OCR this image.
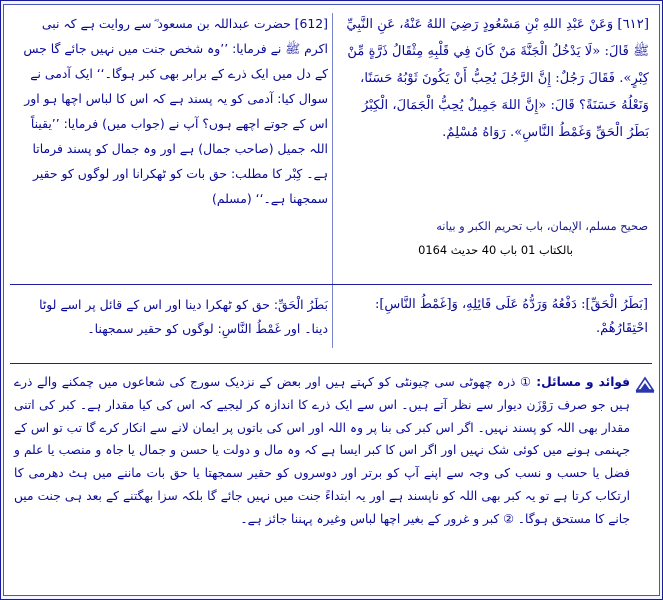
[٦١٢] وَعَنْ عَبْدِ اللهِ بْنِ مَسْعُودٍ رَضِيَ اللهُ عَنْهُ، عَنِ النَّبِيِّ ﷺ قَالَ: «لَا يَدْخُلُ الْجَنَّةَ مَنْ كَانَ فِي قَلْبِهِ مِثْقَالُ ذَرَّةٍ مِّنْ كِبْرٍ». فَقَالَ رَجُلٌ: إِنَّ الرَّجُلَ يُحِبُّ أَنْ يَكُونَ ثَوْبُهُ حَسَنًا، وَنَعْلُهُ حَسَنَةً؟ قَالَ: «إِنَّ اللهَ جَمِيلٌ يُحِبُّ الْجَمَالَ، الْكِبْرُ بَطَرُ الْحَقِّ وَغَمْطُ النَّاسِ». رَوَاهُ مُسْلِمٌ.
[612] حضرت عبداللہ بن مسعود ؓ سے روایت ہے کہ نبی اکرم ﷺ نے فرمایا: ’’وہ شخص جنت میں نہیں جائے گا جس کے دل میں ایک ذرے کے برابر بھی کبر ہوگا۔‘‘ ایک آدمی نے سوال کیا: آدمی کو یہ پسند ہے کہ اس کا لباس اچھا ہو اور اس کے جوتے اچھے ہوں؟ آپ نے (جواب میں) فرمایا: ’’یقیناً اللہ جمیل (صاحب جمال) ہے اور وہ جمال کو پسند فرماتا ہے۔ کِبْر کا مطلب: حق بات کو ٹھکرانا اور لوگوں کو حقیر سمجھنا ہے۔‘‘ (مسلم)
صحيح مسلم، الإيمان، باب تحريم الكبر و بيانه
بالكتاب 01 باب 40 حديث 0164
[بَطَرُ الْحَقِّ]: دَفْعُهُ وَرَدُّهُ عَلَى قَائِلِهِ، وَ[غَمْطُ النَّاسِ]: احْتِقَارُهُمْ.
بَطَرُ الْحَقِّ: حق کو ٹھکرا دینا اور اس کے قائل پر اسے لوٹا دینا۔ اور غَمْطُ النَّاسِ: لوگوں کو حقیر سمجھنا۔
فوائد و مسائل: ① ذرہ چھوٹی سی چیونٹی کو کہتے ہیں اور بعض کے نزدیک سورج کی شعاعوں میں چمکنے والے ذرے ہیں جو صرف رَوْزَن دیوار سے نظر آتے ہیں۔ اس سے ایک ذرے کا اندازہ کر لیجیے کہ اس کی کیا مقدار ہے۔ کبر کی اتنی مقدار بھی اللہ کو پسند نہیں۔ اگر اس کبر کی بنا پر وہ اللہ اور اس کی باتوں پر ایمان لانے سے انکار کرے گا تب تو اس کے جہنمی ہونے میں کوئی شک نہیں اور اگر اس کا کبر ایسا ہے کہ وہ مال و دولت یا حسن و جمال یا جاہ و منصب یا علم و فضل یا حسب و نسب کی وجہ سے اپنے آپ کو برتر اور دوسروں کو حقیر سمجھتا یا حق بات ماننے میں ہٹ دھرمی کا ارتکاب کرتا ہے تو یہ کبر بھی اللہ کو ناپسند ہے اور یہ ابتداءً جنت میں نہیں جائے گا بلکہ سزا بھگتنے کے بعد ہی جنت میں جانے کا مستحق ہوگا۔ ② کبر و غرور کے بغیر اچھا لباس وغیرہ پہننا جائز ہے۔
